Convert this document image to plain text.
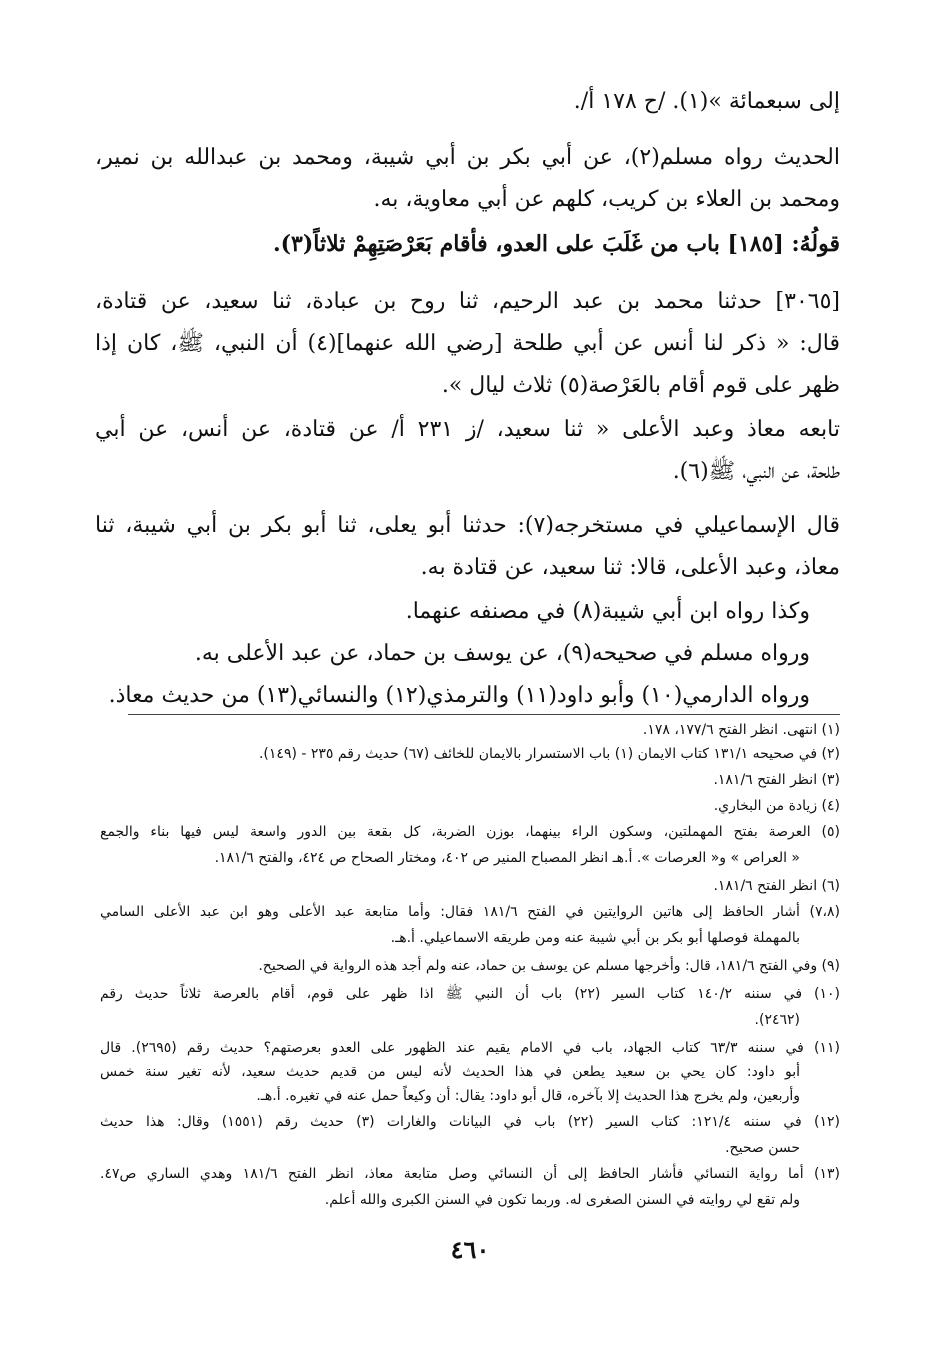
إلى سبعمائة »(١). /ح ١٧٨ أ/.
الحديث رواه مسلم(٢)، عن أبي بكر بن أبي شيبة، ومحمد بن عبدالله بن نمير،
ومحمد بن العلاء بن كريب، كلهم عن أبي معاوية، به.
قولُهُ: [١٨٥] باب من غَلَبَ على العدو، فأقام بَعَرْصَتِهِمْ ثلاثاً(٣).
[٣٠٦٥] حدثنا محمد بن عبد الرحيم، ثنا روح بن عبادة، ثنا سعيد، عن قتادة،
قال: « ذكر لنا أنس عن أبي طلحة [رضي الله عنهما](٤) أن النبي، ﷺ، كان إذا
ظهر على قوم أقام بالعَرْصة(٥) ثلاث ليال ».
تابعه معاذ وعبد الأعلى « ثنا سعيد، /ز ٢٣١ أ/ عن قتادة، عن أنس، عن أبي
طلحة، عن النبي، ﷺ(٦).
قال الإسماعيلي في مستخرجه(٧): حدثنا أبو يعلى، ثنا أبو بكر بن أبي شيبة، ثنا
معاذ، وعبد الأعلى، قالا: ثنا سعيد، عن قتادة به.
وكذا رواه ابن أبي شيبة(٨) في مصنفه عنهما.
ورواه مسلم في صحيحه(٩)، عن يوسف بن حماد، عن عبد الأعلى به.
ورواه الدارمي(١٠) وأبو داود(١١) والترمذي(١٢) والنسائي(١٣) من حديث معاذ.
(١) انتهى. انظر الفتح ١٧٧/٦، ١٧٨.
(٢) في صحيحه ١٣١/١ كتاب الايمان (١) باب الاستسرار بالايمان للخائف (٦٧) حديث رقم ٢٣٥ - (١٤٩).
(٣) انظر الفتح ١٨١/٦.
(٤) زيادة من البخاري.
(٥) العرصة بفتح المهملتين، وسكون الراء بينهما، بوزن الضربة، كل بقعة بين الدور واسعة ليس فيها بناء والجمع
« العراص » و« العرصات ». أ.هـ انظر المصباح المنير ص ٤٠٢، ومختار الصحاح ص ٤٢٤، والفتح ١٨١/٦.
(٦) انظر الفتح ١٨١/٦.
(٧،٨) أشار الحافظ إلى هاتين الروايتين في الفتح ١٨١/٦ فقال: وأما متابعة عبد الأعلى وهو ابن عبد الأعلى السامي
بالمهملة فوصلها أبو بكر بن أبي شيبة عنه ومن طريقه الاسماعيلي. أ.هـ.
(٩) وفي الفتح ١٨١/٦، قال: وأخرجها مسلم عن يوسف بن حماد، عنه ولم أجد هذه الرواية في الصحيح.
(١٠) في سننه ١٤٠/٢ كتاب السير (٢٢) باب أن النبي ﷺ اذا ظهر على قوم، أقام بالعرصة ثلاثاً حديث رقم
(٢٤٦٢).
(١١) في سننه ٦٣/٣ كتاب الجهاد، باب في الامام يقيم عند الظهور على العدو بعرصتهم؟ حديث رقم (٢٦٩٥). قال
أبو داود: كان يحي بن سعيد يطعن في هذا الحديث لأنه ليس من قديم حديث سعيد، لأنه تغير سنة خمس
وأربعين، ولم يخرج هذا الحديث إلا بآخره، قال أبو داود: يقال: أن وكيعاً حمل عنه في تغيره. أ.هـ.
(١٢) في سننه ١٢١/٤: كتاب السير (٢٢) باب في البيانات والغارات (٣) حديث رقم (١٥٥١) وقال: هذا حديث
حسن صحيح.
(١٣) أما رواية النسائي فأشار الحافظ إلى أن النسائي وصل متابعة معاذ، انظر الفتح ١٨١/٦ وهدي الساري ص٤٧.
ولم تقع لي روايته في السنن الصغرى له. وربما تكون في السنن الكبرى والله أعلم.
٤٦٠
